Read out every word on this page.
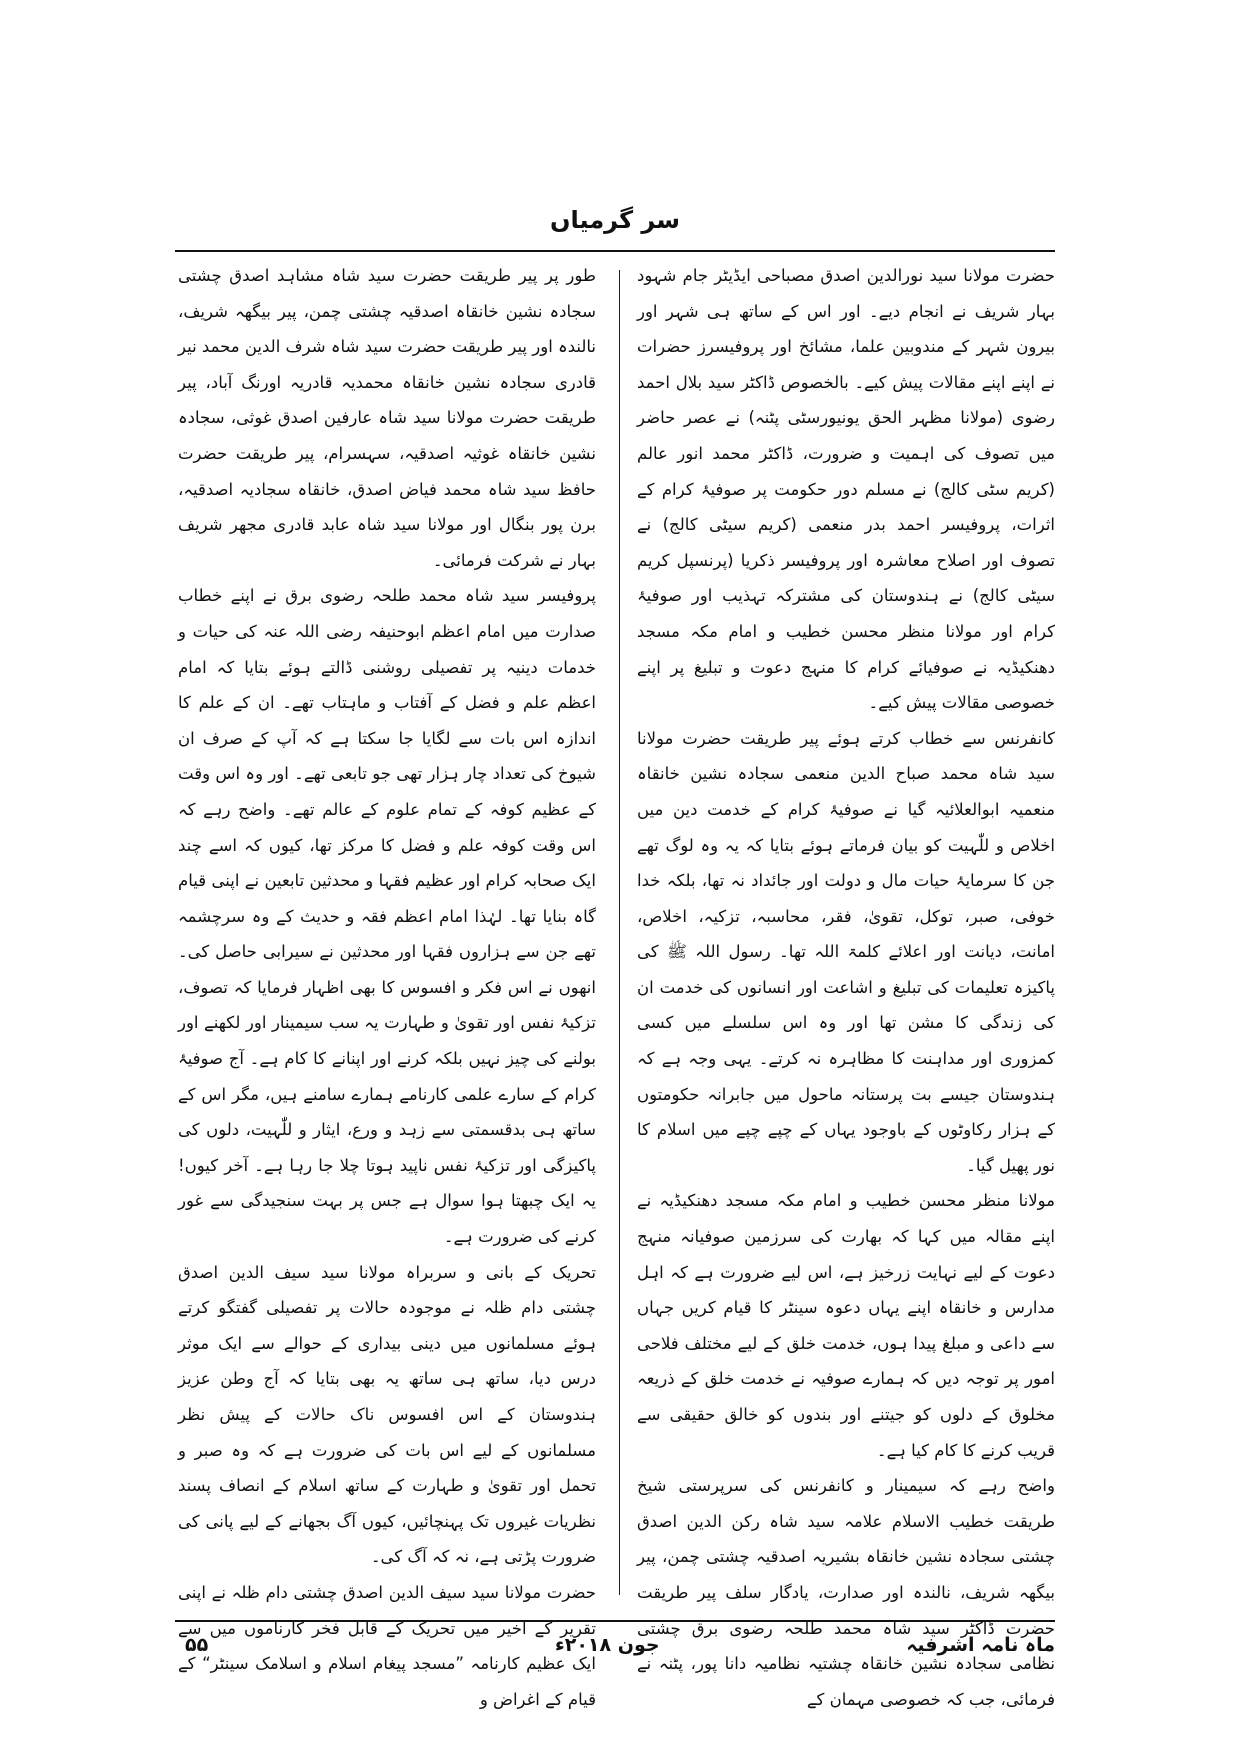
سر گرمیاں

حضرت مولانا سید نورالدین اصدق مصباحی ایڈیٹر جام شہود بہار شریف نے انجام دیے۔ اور اس کے ساتھ ہی شہر اور بیرون شہر کے مندوبین علما، مشائخ اور پروفیسرز حضرات نے اپنے اپنے مقالات پیش کیے۔ بالخصوص ڈاکٹر سید بلال احمد رضوی (مولانا مظہر الحق یونیورسٹی پٹنہ) نے عصر حاضر میں تصوف کی اہمیت و ضرورت، ڈاکٹر محمد انور عالم (کریم سٹی کالج) نے مسلم دور حکومت پر صوفیۂ کرام کے اثرات، پروفیسر احمد بدر منعمی (کریم سیٹی کالج) نے تصوف اور اصلاح معاشرہ اور پروفیسر ذکریا (پرنسپل کریم سیٹی کالج) نے ہندوستان کی مشترکہ تہذیب اور صوفیۂ کرام اور مولانا منظر محسن خطیب و امام مکہ مسجد دھنکیڈیہ نے صوفیائے کرام کا منہج دعوت و تبلیغ پر اپنے خصوصی مقالات پیش کیے۔

کانفرنس سے خطاب کرتے ہوئے پیر طریقت حضرت مولانا سید شاہ محمد صباح الدین منعمی سجادہ نشین خانقاہ منعمیہ ابوالعلائیہ گیا نے صوفیۂ کرام کے خدمت دین میں اخلاص و للّٰہیت کو بیان فرماتے ہوئے بتایا کہ یہ وہ لوگ تھے جن کا سرمایۂ حیات مال و دولت اور جائداد نہ تھا، بلکہ خدا خوفی، صبر، توکل، تقویٰ، فقر، محاسبہ، تزکیہ، اخلاص، امانت، دیانت اور اعلائے کلمۃ اللہ تھا۔ رسول اللہ ﷺ کی پاکیزہ تعلیمات کی تبلیغ و اشاعت اور انسانوں کی خدمت ان کی زندگی کا مشن تھا اور وہ اس سلسلے میں کسی کمزوری اور مداہنت کا مظاہرہ نہ کرتے۔ یہی وجہ ہے کہ ہندوستان جیسے بت پرستانہ ماحول میں جابرانہ حکومتوں کے ہزار رکاوٹوں کے باوجود یہاں کے چپے چپے میں اسلام کا نور پھیل گیا۔

مولانا منظر محسن خطیب و امام مکہ مسجد دھنکیڈیہ نے اپنے مقالہ میں کہا کہ بھارت کی سرزمین صوفیانہ منہج دعوت کے لیے نہایت زرخیز ہے، اس لیے ضرورت ہے کہ اہل مدارس و خانقاہ اپنے یہاں دعوہ سینٹر کا قیام کریں جہاں سے داعی و مبلغ پیدا ہوں، خدمت خلق کے لیے مختلف فلاحی امور پر توجہ دیں کہ ہمارے صوفیہ نے خدمت خلق کے ذریعہ مخلوق کے دلوں کو جیتنے اور بندوں کو خالق حقیقی سے قریب کرنے کا کام کیا ہے۔

واضح رہے کہ سیمینار و کانفرنس کی سرپرستی شیخ طریقت خطیب الاسلام علامہ سید شاہ رکن الدین اصدق چشتی سجادہ نشین خانقاہ بشیریہ اصدقیہ چشتی چمن، پیر بیگھہ شریف، نالندہ اور صدارت، یادگار سلف پیر طریقت حضرت ڈاکٹر سید شاہ محمد طلحہ رضوی برق چشتی نظامی سجادہ نشین خانقاہ چشتیہ نظامیہ دانا پور، پٹنہ نے فرمائی، جب کہ خصوصی مہمان کے

طور پر پیر طریقت حضرت سید شاہ مشاہد اصدق چشتی سجادہ نشین خانقاہ اصدقیہ چشتی چمن، پیر بیگھہ شریف، نالندہ اور پیر طریقت حضرت سید شاہ شرف الدین محمد نیر قادری سجادہ نشین خانقاہ محمدیہ قادریہ اورنگ آباد، پیر طریقت حضرت مولانا سید شاہ عارفین اصدق غوثی، سجادہ نشین خانقاہ غوثیہ اصدقیہ، سہسرام، پیر طریقت حضرت حافظ سید شاہ محمد فیاض اصدق، خانقاہ سجادیہ اصدقیہ، برن پور بنگال اور مولانا سید شاہ عابد قادری مجھر شریف بہار نے شرکت فرمائی۔

پروفیسر سید شاہ محمد طلحہ رضوی برق نے اپنے خطاب صدارت میں امام اعظم ابوحنیفہ رضی اللہ عنہ کی حیات و خدمات دینیہ پر تفصیلی روشنی ڈالتے ہوئے بتایا کہ امام اعظم علم و فضل کے آفتاب و ماہتاب تھے۔ ان کے علم کا اندازہ اس بات سے لگایا جا سکتا ہے کہ آپ کے صرف ان شیوخ کی تعداد چار ہزار تھی جو تابعی تھے۔ اور وہ اس وقت کے عظیم کوفہ کے تمام علوم کے عالم تھے۔ واضح رہے کہ اس وقت کوفہ علم و فضل کا مرکز تھا، کیوں کہ اسے چند ایک صحابہ کرام اور عظیم فقہا و محدثین تابعین نے اپنی قیام گاہ بنایا تھا۔ لہٰذا امام اعظم فقہ و حدیث کے وہ سرچشمہ تھے جن سے ہزاروں فقہا اور محدثین نے سیرابی حاصل کی۔ انھوں نے اس فکر و افسوس کا بھی اظہار فرمایا کہ تصوف، تزکیۂ نفس اور تقویٰ و طہارت یہ سب سیمینار اور لکھنے اور بولنے کی چیز نہیں بلکہ کرنے اور اپنانے کا کام ہے۔ آج صوفیۂ کرام کے سارے علمی کارنامے ہمارے سامنے ہیں، مگر اس کے ساتھ ہی بدقسمتی سے زہد و ورع، ایثار و للّٰہیت، دلوں کی پاکیزگی اور تزکیۂ نفس ناپید ہوتا چلا جا رہا ہے۔ آخر کیوں! یہ ایک چبھتا ہوا سوال ہے جس پر بہت سنجیدگی سے غور کرنے کی ضرورت ہے۔

تحریک کے بانی و سربراہ مولانا سید سیف الدین اصدق چشتی دام ظلہ نے موجودہ حالات پر تفصیلی گفتگو کرتے ہوئے مسلمانوں میں دینی بیداری کے حوالے سے ایک موثر درس دیا، ساتھ ہی ساتھ یہ بھی بتایا کہ آج وطن عزیز ہندوستان کے اس افسوس ناک حالات کے پیش نظر مسلمانوں کے لیے اس بات کی ضرورت ہے کہ وہ صبر و تحمل اور تقویٰ و طہارت کے ساتھ اسلام کے انصاف پسند نظریات غیروں تک پہنچائیں، کیوں آگ بجھانے کے لیے پانی کی ضرورت پڑتی ہے، نہ کہ آگ کی۔

حضرت مولانا سید سیف الدین اصدق چشتی دام ظلہ نے اپنی تقریر کے اخیر میں تحریک کے قابل فخر کارناموں میں سے ایک عظیم کارنامہ ”مسجد پیغام اسلام و اسلامک سینٹر“ کے قیام کے اغراض و

ماہ نامہ اشرفیہ
جون ۲۰۱۸ء
۵۵
